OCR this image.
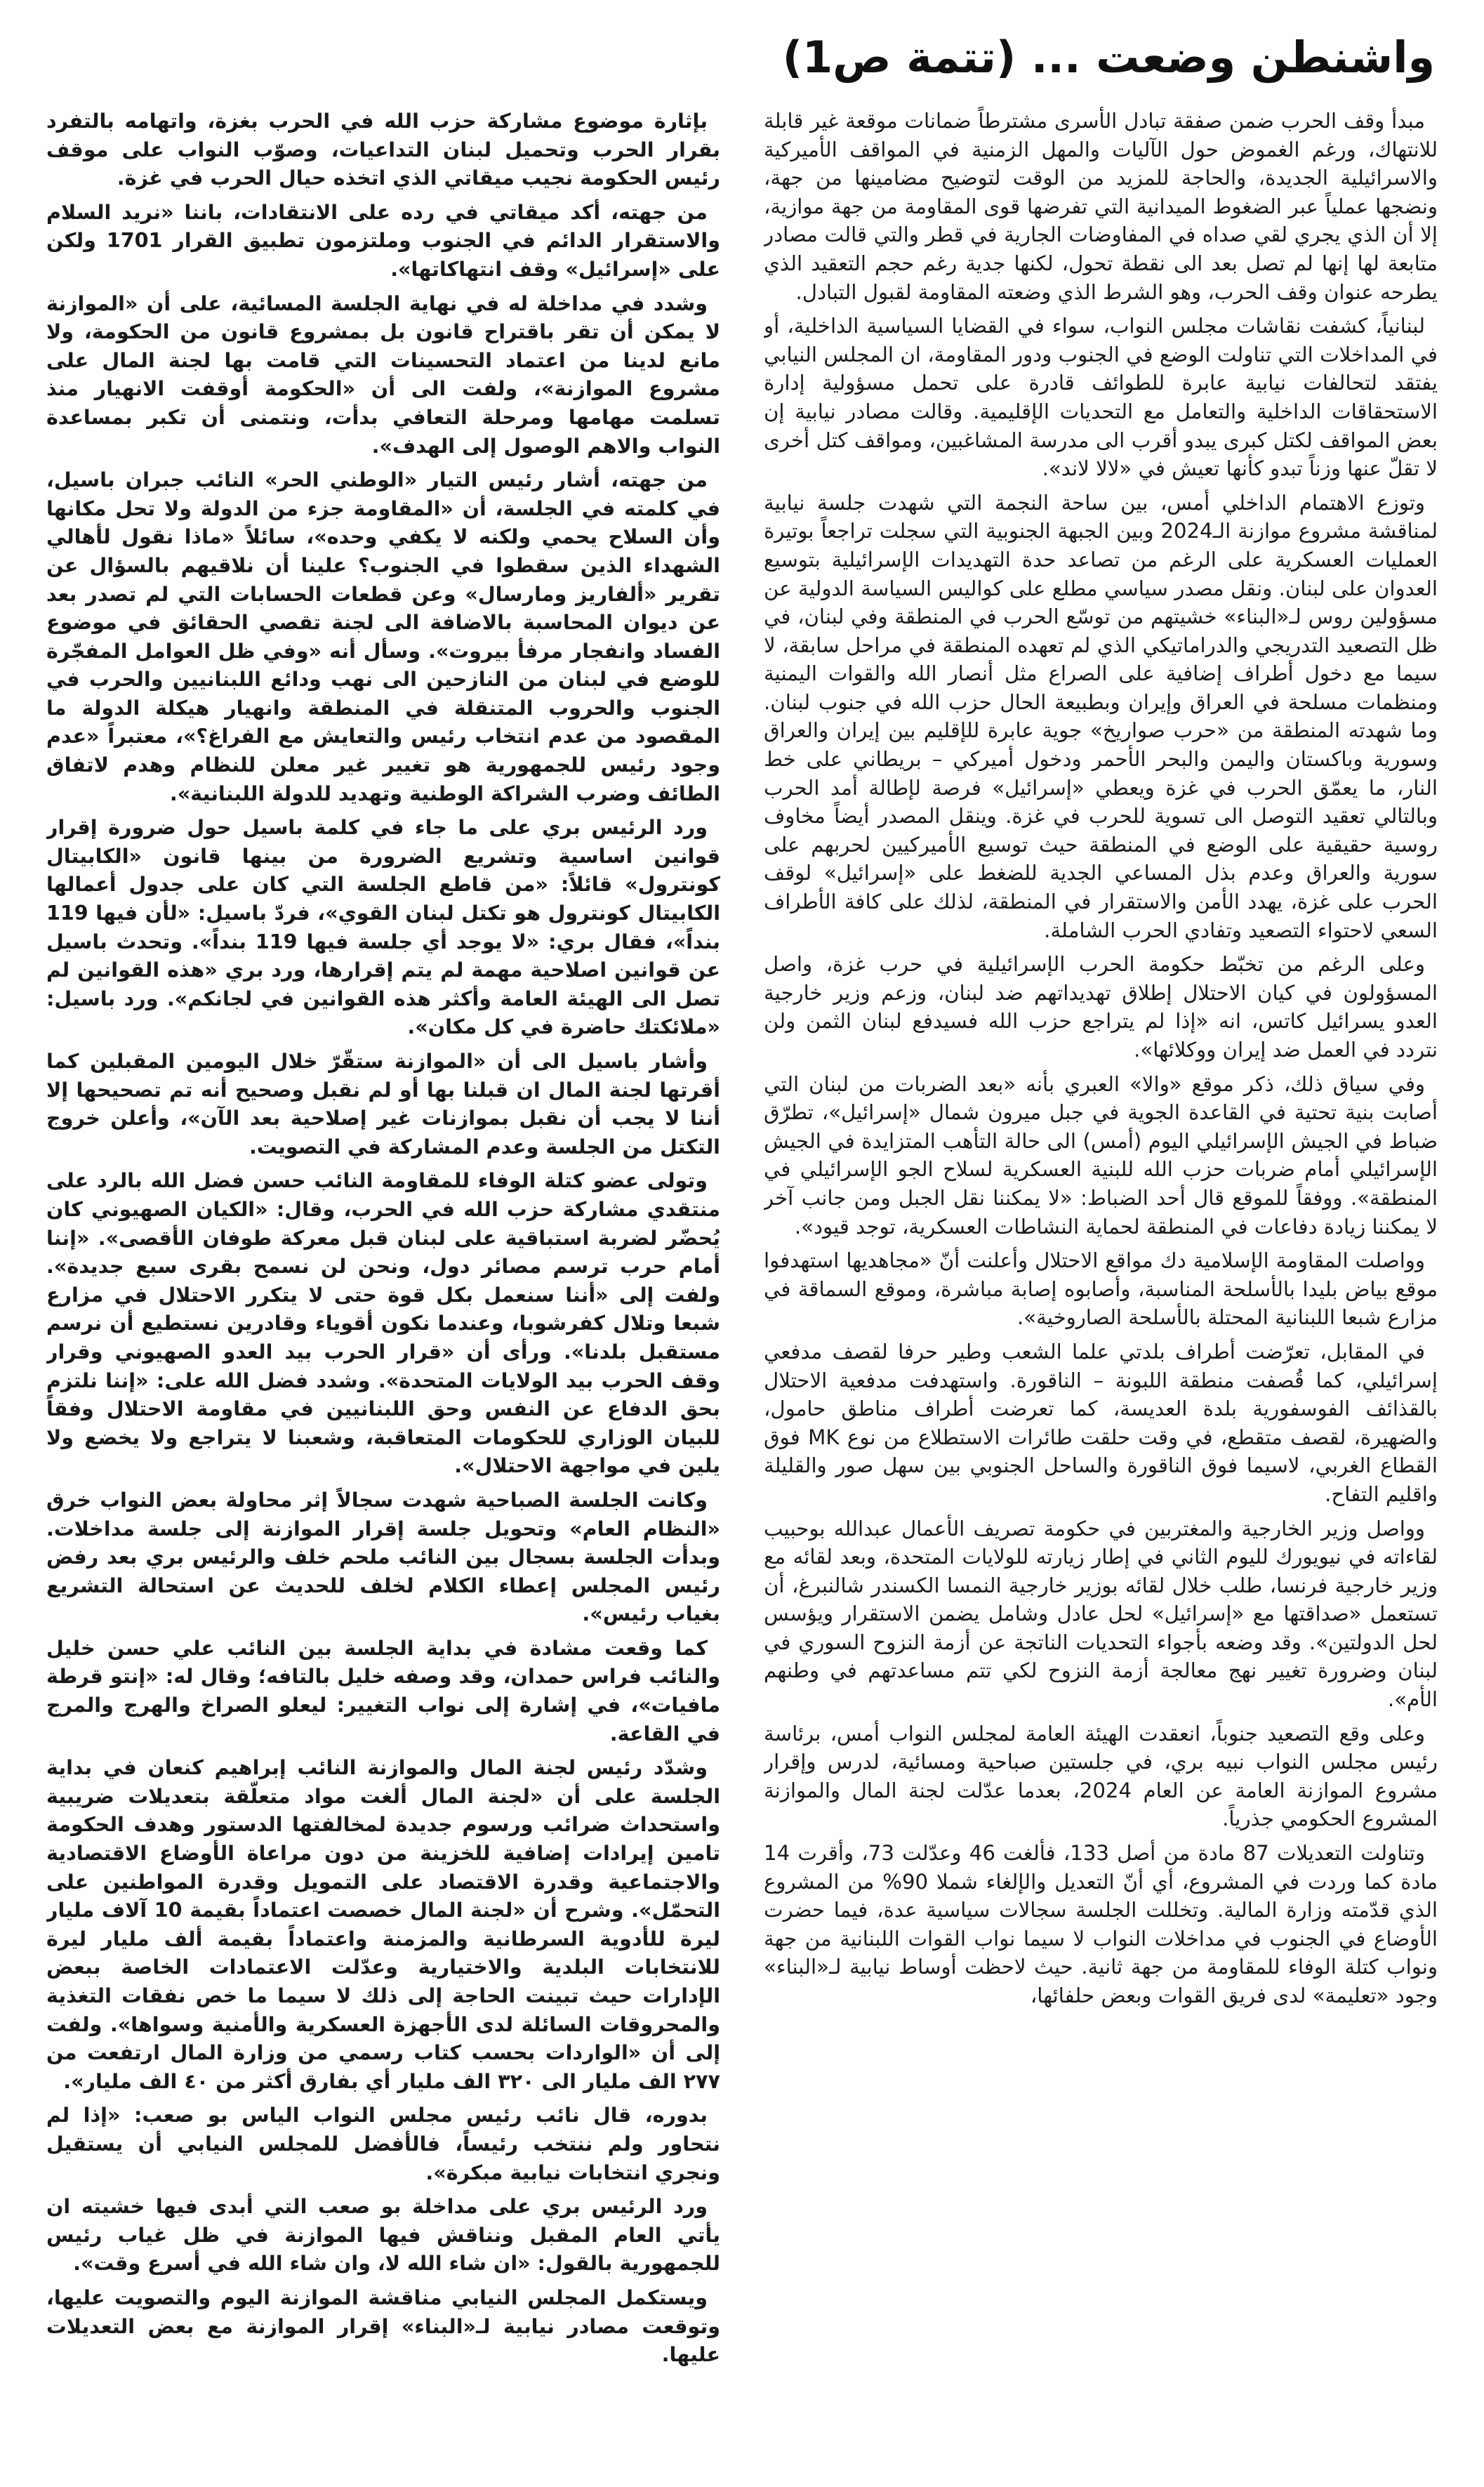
واشنطن وضعت ... (تتمة ص1)

مبدأ وقف الحرب ضمن صفقة تبادل الأسرى مشترطاً ضمانات موقعة غير قابلة للانتهاك، ورغم الغموض حول الآليات والمهل الزمنية في المواقف الأميركية والاسرائيلية الجديدة، والحاجة للمزيد من الوقت لتوضيح مضامينها من جهة، ونضجها عملياً عبر الضغوط الميدانية التي تفرضها قوى المقاومة من جهة موازية، إلا أن الذي يجري لقي صداه في المفاوضات الجارية في قطر والتي قالت مصادر متابعة لها إنها لم تصل بعد الى نقطة تحول، لكنها جدية رغم حجم التعقيد الذي يطرحه عنوان وقف الحرب، وهو الشرط الذي وضعته المقاومة لقبول التبادل.

لبنانياً، كشفت نقاشات مجلس النواب، سواء في القضايا السياسية الداخلية، أو في المداخلات التي تناولت الوضع في الجنوب ودور المقاومة، ان المجلس النيابي يفتقد لتحالفات نيابية عابرة للطوائف قادرة على تحمل مسؤولية إدارة الاستحقاقات الداخلية والتعامل مع التحديات الإقليمية. وقالت مصادر نيابية إن بعض المواقف لكتل كبرى يبدو أقرب الى مدرسة المشاغبين، ومواقف كتل أخرى لا تقلّ عنها وزناً تبدو كأنها تعيش في «لالا لاند».

وتوزع الاهتمام الداخلي أمس، بين ساحة النجمة التي شهدت جلسة نيابية لمناقشة مشروع موازنة الـ2024 وبين الجبهة الجنوبية التي سجلت تراجعاً بوتيرة العمليات العسكرية على الرغم من تصاعد حدة التهديدات الإسرائيلية بتوسيع العدوان على لبنان. ونقل مصدر سياسي مطلع على كواليس السياسة الدولية عن مسؤولين روس لـ«البناء» خشيتهم من توسّع الحرب في المنطقة وفي لبنان، في ظل التصعيد التدريجي والدراماتيكي الذي لم تعهده المنطقة في مراحل سابقة، لا سيما مع دخول أطراف إضافية على الصراع مثل أنصار الله والقوات اليمنية ومنظمات مسلحة في العراق وإيران وبطبيعة الحال حزب الله في جنوب لبنان. وما شهدته المنطقة من «حرب صواريخ» جوية عابرة للإقليم بين إيران والعراق وسورية وباكستان واليمن والبحر الأحمر ودخول أميركي – بريطاني على خط النار، ما يعمّق الحرب في غزة ويعطي «إسرائيل» فرصة لإطالة أمد الحرب وبالتالي تعقيد التوصل الى تسوية للحرب في غزة. وينقل المصدر أيضاً مخاوف روسية حقيقية على الوضع في المنطقة حيث توسيع الأميركيين لحربهم على سورية والعراق وعدم بذل المساعي الجدية للضغط على «إسرائيل» لوقف الحرب على غزة، يهدد الأمن والاستقرار في المنطقة، لذلك على كافة الأطراف السعي لاحتواء التصعيد وتفادي الحرب الشاملة.

وعلى الرغم من تخبّط حكومة الحرب الإسرائيلية في حرب غزة، واصل المسؤولون في كيان الاحتلال إطلاق تهديداتهم ضد لبنان، وزعم وزير خارجية العدو يسرائيل كاتس، انه «إذا لم يتراجع حزب الله فسيدفع لبنان الثمن ولن نتردد في العمل ضد إيران ووكلائها».

وفي سياق ذلك، ذكر موقع «والا» العبري بأنه «بعد الضربات من لبنان التي أصابت بنية تحتية في القاعدة الجوية في جبل ميرون شمال «إسرائيل»، تطرّق ضباط في الجيش الإسرائيلي اليوم (أمس) الى حالة التأهب المتزايدة في الجيش الإسرائيلي أمام ضربات حزب الله للبنية العسكرية لسلاح الجو الإسرائيلي في المنطقة». ووفقاً للموقع قال أحد الضباط: «لا يمكننا نقل الجبل ومن جانب آخر لا يمكننا زيادة دفاعات في المنطقة لحماية النشاطات العسكرية، توجد قيود».

وواصلت المقاومة الإسلامية دك مواقع الاحتلال وأعلنت أنّ «مجاهديها استهدفوا موقع بياض بليدا بالأسلحة المناسبة، وأصابوه إصابة مباشرة، وموقع السماقة في مزارع شبعا اللبنانية المحتلة بالأسلحة الصاروخية».

في المقابل، تعرّضت أطراف بلدتي علما الشعب وطير حرفا لقصف مدفعي إسرائيلي، كما قُصفت منطقة اللبونة – الناقورة. واستهدفت مدفعية الاحتلال بالقذائف الفوسفورية بلدة العديسة، كما تعرضت أطراف مناطق حامول، والضهيرة، لقصف متقطع، في وقت حلقت طائرات الاستطلاع من نوع MK فوق القطاع الغربي، لاسيما فوق الناقورة والساحل الجنوبي بين سهل صور والقليلة واقليم التفاح.

وواصل وزير الخارجية والمغتربين في حكومة تصريف الأعمال عبدالله بوحبيب لقاءاته في نيويورك لليوم الثاني في إطار زيارته للولايات المتحدة، وبعد لقائه مع وزير خارجية فرنسا، طلب خلال لقائه بوزير خارجية النمسا الكسندر شالنبرغ، أن تستعمل «صداقتها مع «إسرائيل» لحل عادل وشامل يضمن الاستقرار ويؤسس لحل الدولتين». وقد وضعه بأجواء التحديات الناتجة عن أزمة النزوح السوري في لبنان وضرورة تغيير نهج معالجة أزمة النزوح لكي تتم مساعدتهم في وطنهم الأم».

وعلى وقع التصعيد جنوباً، انعقدت الهيئة العامة لمجلس النواب أمس، برئاسة رئيس مجلس النواب نبيه بري، في جلستين صباحية ومسائية، لدرس وإقرار مشروع الموازنة العامة عن العام 2024، بعدما عدّلت لجنة المال والموازنة المشروع الحكومي جذرياً.

وتناولت التعديلات 87 مادة من أصل 133، فألغت 46 وعدّلت 73، وأقرت 14 مادة كما وردت في المشروع، أي أنّ التعديل والإلغاء شملا 90% من المشروع الذي قدّمته وزارة المالية. وتخللت الجلسة سجالات سياسية عدة، فيما حضرت الأوضاع في الجنوب في مداخلات النواب لا سيما نواب القوات اللبنانية من جهة ونواب كتلة الوفاء للمقاومة من جهة ثانية. حيث لاحظت أوساط نيابية لـ«البناء» وجود «تعليمة» لدى فريق القوات وبعض حلفائها،

بإثارة موضوع مشاركة حزب الله في الحرب بغزة، واتهامه بالتفرد بقرار الحرب وتحميل لبنان التداعيات، وصوّب النواب على موقف رئيس الحكومة نجيب ميقاتي الذي اتخذه حيال الحرب في غزة.

من جهته، أكد ميقاتي في رده على الانتقادات، باننا «نريد السلام والاستقرار الدائم في الجنوب وملتزمون تطبيق القرار 1701 ولكن على «إسرائيل» وقف انتهاكاتها».

وشدد في مداخلة له في نهاية الجلسة المسائية، على أن «الموازنة لا يمكن أن تقر باقتراح قانون بل بمشروع قانون من الحكومة، ولا مانع لدينا من اعتماد التحسينات التي قامت بها لجنة المال على مشروع الموازنة»، ولفت الى أن «الحكومة أوقفت الانهيار منذ تسلمت مهامها ومرحلة التعافي بدأت، ونتمنى أن تكبر بمساعدة النواب والاهم الوصول إلى الهدف».

من جهته، أشار رئيس التيار «الوطني الحر» النائب جبران باسيل، في كلمته في الجلسة، أن «المقاومة جزء من الدولة ولا تحل مكانها وأن السلاح يحمي ولكنه لا يكفي وحده»، سائلاً «ماذا نقول لأهالي الشهداء الذين سقطوا في الجنوب؟ علينا أن نلاقيهم بالسؤال عن تقرير «ألفاريز ومارسال» وعن قطعات الحسابات التي لم تصدر بعد عن ديوان المحاسبة بالاضافة الى لجنة تقصي الحقائق في موضوع الفساد وانفجار مرفأ بيروت». وسأل أنه «وفي ظل العوامل المفجّرة للوضع في لبنان من النازحين الى نهب ودائع اللبنانيين والحرب في الجنوب والحروب المتنقلة في المنطقة وانهيار هيكلة الدولة ما المقصود من عدم انتخاب رئيس والتعايش مع الفراغ؟»، معتبراً «عدم وجود رئيس للجمهورية هو تغيير غير معلن للنظام وهدم لاتفاق الطائف وضرب الشراكة الوطنية وتهديد للدولة اللبنانية».

ورد الرئيس بري على ما جاء في كلمة باسيل حول ضرورة إقرار قوانين اساسية وتشريع الضرورة من بينها قانون «الكابيتال كونترول» قائلاً: «من قاطع الجلسة التي كان على جدول أعمالها الكابيتال كونترول هو تكتل لبنان القوي»، فردّ باسيل: «لأن فيها 119 بنداً»، فقال بري: «لا يوجد أي جلسة فيها 119 بنداً». وتحدث باسيل عن قوانين اصلاحية مهمة لم يتم إقرارها، ورد بري «هذه القوانين لم تصل الى الهيئة العامة وأكثر هذه القوانين في لجانكم». ورد باسيل: «ملائكتك حاضرة في كل مكان».

وأشار باسيل الى أن «الموازنة ستقّرّ خلال اليومين المقبلين كما أقرتها لجنة المال ان قبلنا بها أو لم نقبل وصحيح أنه تم تصحيحها إلا أننا لا يجب أن نقبل بموازنات غير إصلاحية بعد الآن»، وأعلن خروج التكتل من الجلسة وعدم المشاركة في التصويت.

وتولى عضو كتلة الوفاء للمقاومة النائب حسن فضل الله بالرد على منتقدي مشاركة حزب الله في الحرب، وقال: «الكيان الصهيوني كان يُحضّر لضربة استباقية على لبنان قبل معركة طوفان الأقصى». «إننا أمام حرب ترسم مصائر دول، ونحن لن نسمح بقرى سبع جديدة». ولفت إلى «أننا سنعمل بكل قوة حتى لا يتكرر الاحتلال في مزارع شبعا وتلال كفرشوبا، وعندما نكون أقوياء وقادرين نستطيع أن نرسم مستقبل بلدنا». ورأى أن «قرار الحرب بيد العدو الصهيوني وقرار وقف الحرب بيد الولايات المتحدة». وشدد فضل الله على: «إننا نلتزم بحق الدفاع عن النفس وحق اللبنانيين في مقاومة الاحتلال وفقاً للبيان الوزاري للحكومات المتعاقبة، وشعبنا لا يتراجع ولا يخضع ولا يلين في مواجهة الاحتلال».

وكانت الجلسة الصباحية شهدت سجالاً إثر محاولة بعض النواب خرق «النظام العام» وتحويل جلسة إقرار الموازنة إلى جلسة مداخلات. وبدأت الجلسة بسجال بين النائب ملحم خلف والرئيس بري بعد رفض رئيس المجلس إعطاء الكلام لخلف للحديث عن استحالة التشريع بغياب رئيس».

كما وقعت مشادة في بداية الجلسة بين النائب علي حسن خليل والنائب فراس حمدان، وقد وصفه خليل بالتافه؛ وقال له: «إنتو قرطة مافيات»، في إشارة إلى نواب التغيير: ليعلو الصراخ والهرج والمرج في القاعة.

وشدّد رئيس لجنة المال والموازنة النائب إبراهيم كنعان في بداية الجلسة على أن «لجنة المال ألغت مواد متعلّقة بتعديلات ضريبية واستحداث ضرائب ورسوم جديدة لمخالفتها الدستور وهدف الحكومة تامين إيرادات إضافية للخزينة من دون مراعاة الأوضاع الاقتصادية والاجتماعية وقدرة الاقتصاد على التمويل وقدرة المواطنين على التحمّل». وشرح أن «لجنة المال خصصت اعتماداً بقيمة 10 آلاف مليار ليرة للأدوية السرطانية والمزمنة واعتماداً بقيمة ألف مليار ليرة للانتخابات البلدية والاختيارية وعدّلت الاعتمادات الخاصة ببعض الإدارات حيث تبينت الحاجة إلى ذلك لا سيما ما خص نفقات التغذية والمحروقات السائلة لدى الأجهزة العسكرية والأمنية وسواها». ولفت إلى أن «الواردات بحسب كتاب رسمي من وزارة المال ارتفعت من ٢٧٧ الف مليار الى ٣٢٠ الف مليار أي بفارق أكثر من ٤٠ الف مليار».

بدوره، قال نائب رئيس مجلس النواب الياس بو صعب: «إذا لم نتحاور ولم ننتخب رئيساً، فالأفضل للمجلس النيابي أن يستقيل ونجري انتخابات نيابية مبكرة».

ورد الرئيس بري على مداخلة بو صعب التي أبدى فيها خشيته ان يأتي العام المقبل ونناقش فيها الموازنة في ظل غياب رئيس للجمهورية بالقول: «ان شاء الله لا، وان شاء الله في أسرع وقت».

ويستكمل المجلس النيابي مناقشة الموازنة اليوم والتصويت عليها، وتوقعت مصادر نيابية لـ«البناء» إقرار الموازنة مع بعض التعديلات عليها.
